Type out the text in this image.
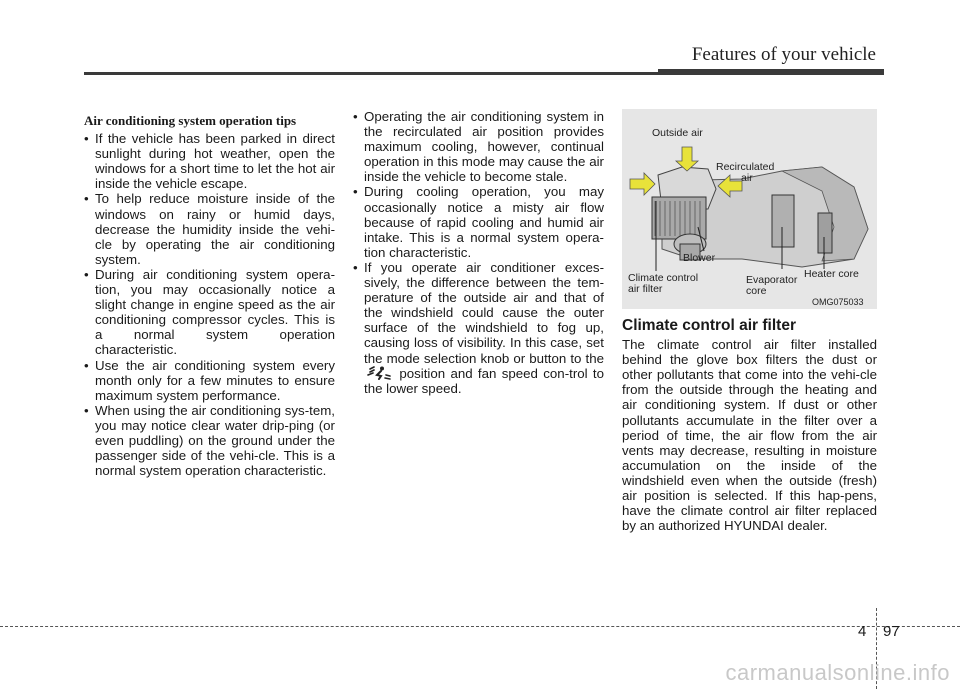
Features of your vehicle
Air conditioning system operation tips
• If the vehicle has been parked in direct sunlight during hot weather, open the windows for a short time to let the hot air inside the vehicle escape.
• To help reduce moisture inside of the windows on rainy or humid days, decrease the humidity inside the vehi-cle by operating the air conditioning system.
• During air conditioning system opera-tion, you may occasionally notice a slight change in engine speed as the air conditioning compressor cycles. This is a normal system operation characteristic.
• Use the air conditioning system every month only for a few minutes to ensure maximum system performance.
• When using the air conditioning sys-tem, you may notice clear water drip-ping (or even puddling) on the ground under the passenger side of the vehi-cle. This is a normal system operation characteristic.
• Operating the air conditioning system in the recirculated air position provides maximum cooling, however, continual operation in this mode may cause the air inside the vehicle to become stale.
• During cooling operation, you may occasionally notice a misty air flow because of rapid cooling and humid air intake. This is a normal system opera-tion characteristic.
• If you operate air conditioner exces-sively, the difference between the tem-perature of the outside air and that of the windshield could cause the outer surface of the windshield to fog up, causing loss of visibility. In this case, set the mode selection knob or button to the  position and fan speed con-trol to the lower speed.
Outside air
Recirculated
air
Blower
Climate control
air filter
Evaporator
core
Heater core
OMG075033
Climate control air filter
The climate control air filter installed behind the glove box filters the dust or other pollutants that come into the vehi-cle from the outside through the heating and air conditioning system. If dust or other pollutants accumulate in the filter over a period of time, the air flow from the air vents may decrease, resulting in moisture accumulation on the inside of the windshield even when the outside (fresh) air position is selected. If this hap-pens, have the climate control air filter replaced by an authorized HYUNDAI dealer.
4 97
carmanualsonline.info
